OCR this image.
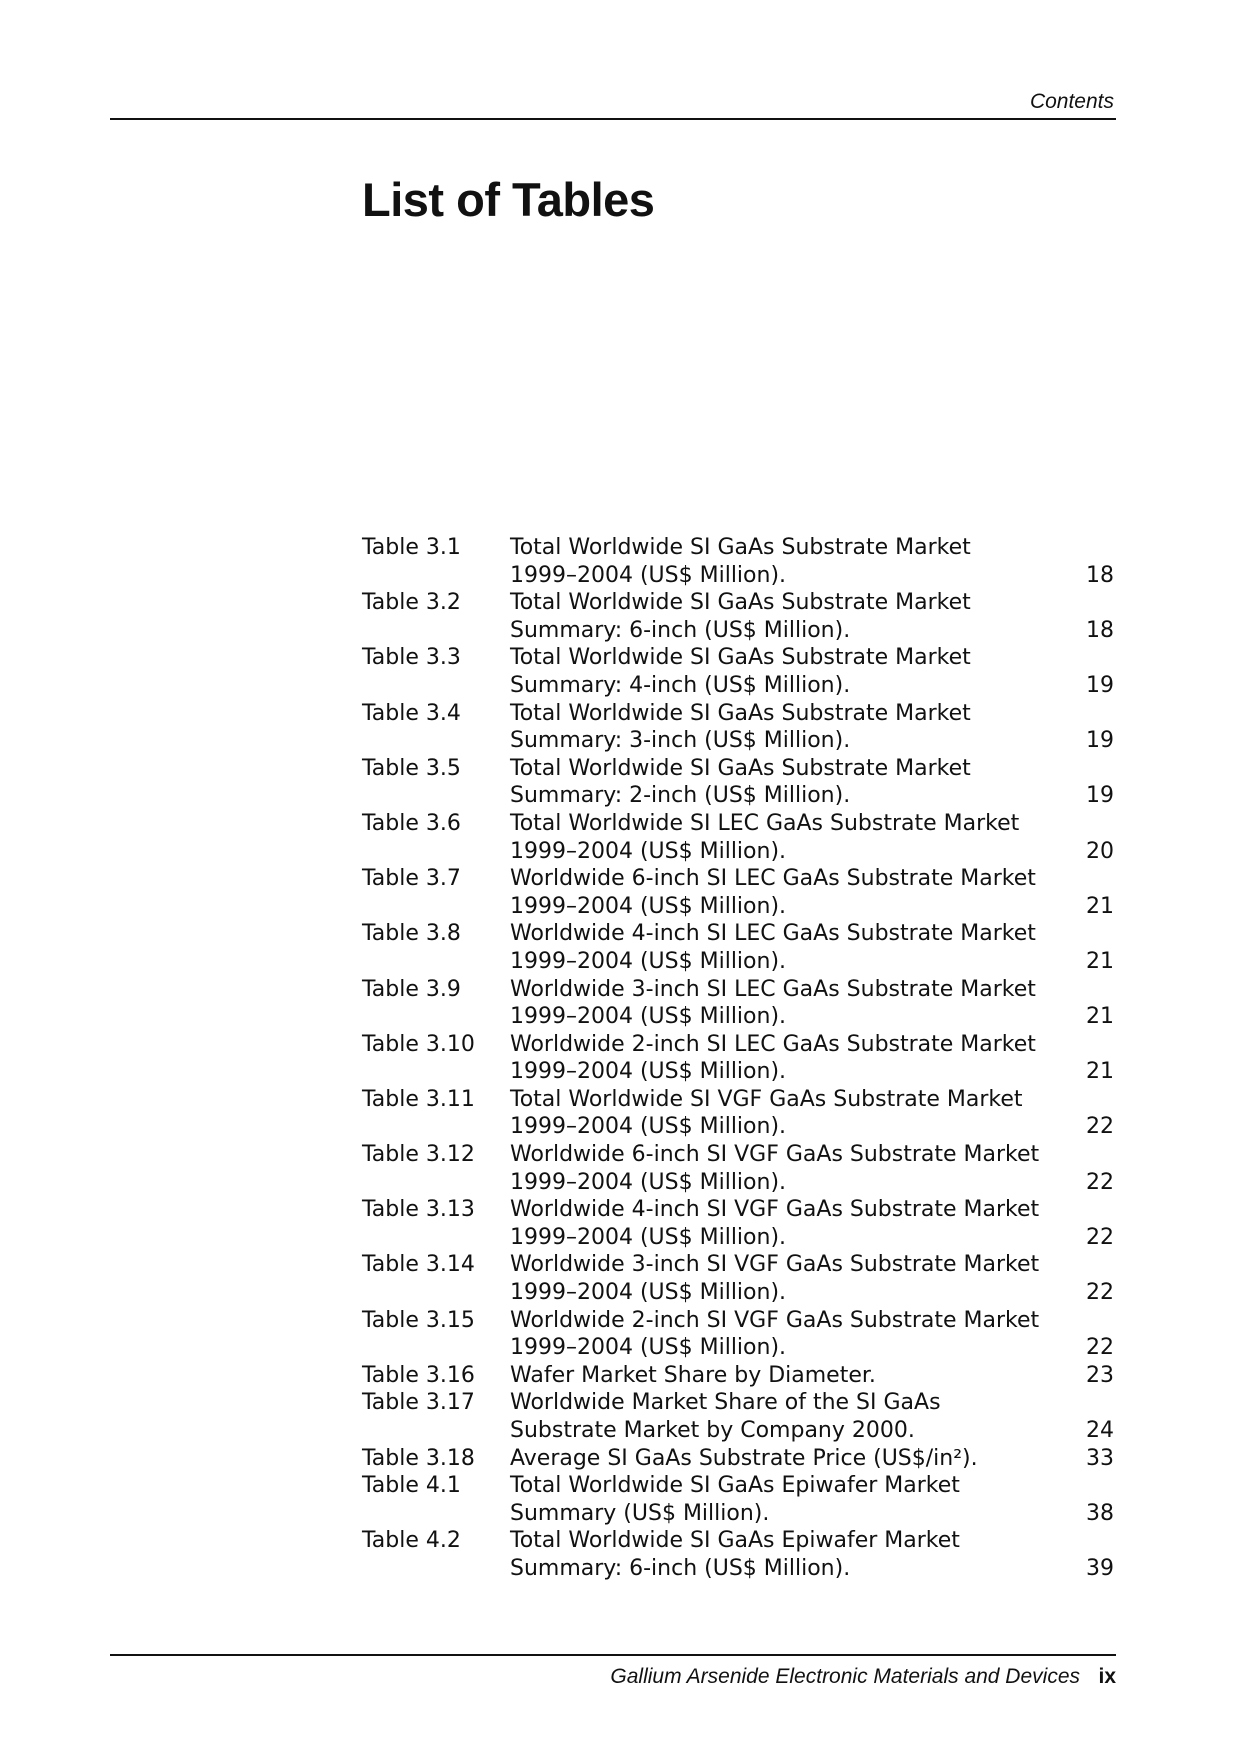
Contents
List of Tables
Table 3.1	Total Worldwide SI GaAs Substrate Market
1999–2004 (US$ Million).	18
Table 3.2	Total Worldwide SI GaAs Substrate Market
Summary: 6-inch (US$ Million).	18
Table 3.3	Total Worldwide SI GaAs Substrate Market
Summary: 4-inch (US$ Million).	19
Table 3.4	Total Worldwide SI GaAs Substrate Market
Summary: 3-inch (US$ Million).	19
Table 3.5	Total Worldwide SI GaAs Substrate Market
Summary: 2-inch (US$ Million).	19
Table 3.6	Total Worldwide SI LEC GaAs Substrate Market
1999–2004 (US$ Million).	20
Table 3.7	Worldwide 6-inch SI LEC GaAs Substrate Market
1999–2004 (US$ Million).	21
Table 3.8	Worldwide 4-inch SI LEC GaAs Substrate Market
1999–2004 (US$ Million).	21
Table 3.9	Worldwide 3-inch SI LEC GaAs Substrate Market
1999–2004 (US$ Million).	21
Table 3.10	Worldwide 2-inch SI LEC GaAs Substrate Market
1999–2004 (US$ Million).	21
Table 3.11	Total Worldwide SI VGF GaAs Substrate Market
1999–2004 (US$ Million).	22
Table 3.12	Worldwide 6-inch SI VGF GaAs Substrate Market
1999–2004 (US$ Million).	22
Table 3.13	Worldwide 4-inch SI VGF GaAs Substrate Market
1999–2004 (US$ Million).	22
Table 3.14	Worldwide 3-inch SI VGF GaAs Substrate Market
1999–2004 (US$ Million).	22
Table 3.15	Worldwide 2-inch SI VGF GaAs Substrate Market
1999–2004 (US$ Million).	22
Table 3.16	Wafer Market Share by Diameter.	23
Table 3.17	Worldwide Market Share of the SI GaAs
Substrate Market by Company 2000.	24
Table 3.18	Average SI GaAs Substrate Price (US$/in²).	33
Table 4.1	Total Worldwide SI GaAs Epiwafer Market
Summary (US$ Million).	38
Table 4.2	Total Worldwide SI GaAs Epiwafer Market
Summary: 6-inch (US$ Million).	39
Gallium Arsenide Electronic Materials and Devices ix
